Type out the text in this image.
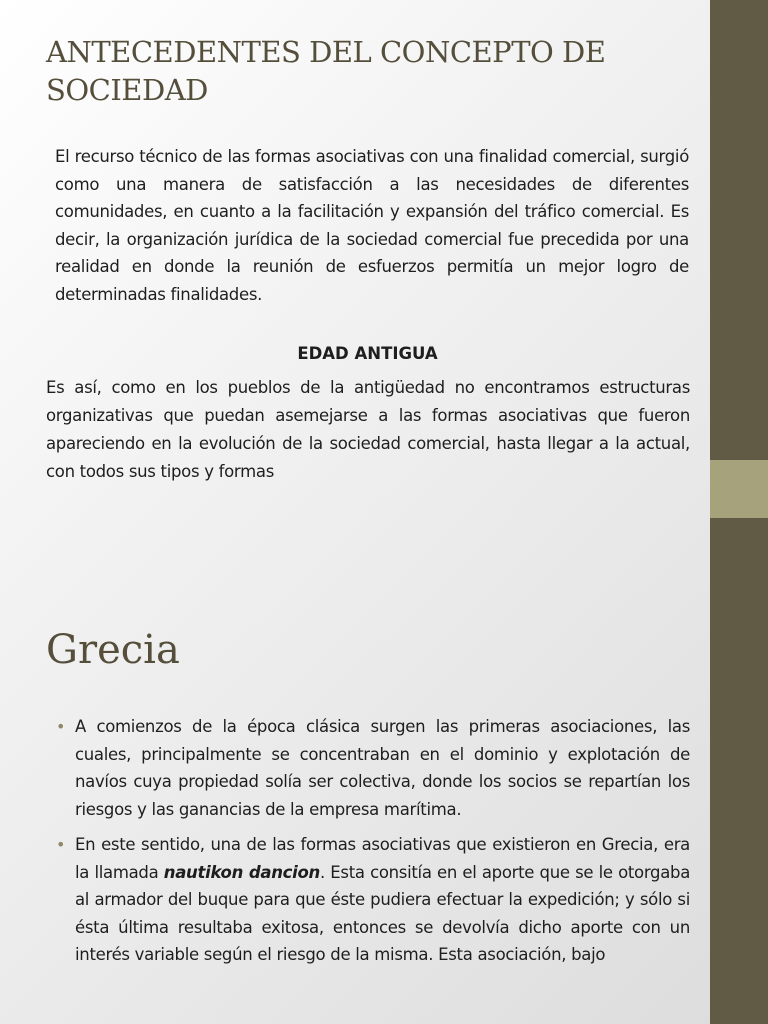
ANTECEDENTES DEL CONCEPTO DE SOCIEDAD

El recurso técnico de las formas asociativas con una finalidad comercial, surgió como una manera de satisfacción a las necesidades de diferentes comunidades, en cuanto a la facilitación y expansión del tráfico comercial. Es decir, la organización jurídica de la sociedad comercial fue precedida por una realidad en donde la reunión de esfuerzos permitía un mejor logro de determinadas finalidades.

EDAD ANTIGUA

Es así, como en los pueblos de la antigüedad no encontramos estructuras organizativas que puedan asemejarse a las formas asociativas que fueron apareciendo en la evolución de la sociedad comercial, hasta llegar a la actual, con todos sus tipos y formas

Grecia
• A comienzos de la época clásica surgen las primeras asociaciones, las cuales, principalmente se concentraban en el dominio y explotación de navíos cuya propiedad solía ser colectiva, donde los socios se repartían los riesgos y las ganancias de la empresa marítima.
• En este sentido, una de las formas asociativas que existieron en Grecia, era la llamada nautikon dancion. Esta consitía en el aporte que se le otorgaba al armador del buque para que éste pudiera efectuar la expedición; y sólo si ésta última resultaba exitosa, entonces se devolvía dicho aporte con un interés variable según el riesgo de la misma. Esta asociación, bajo
